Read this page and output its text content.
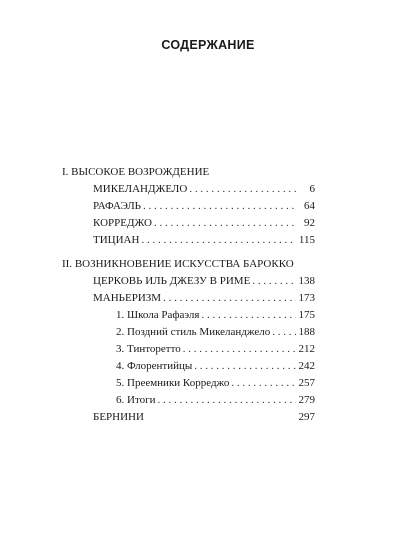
СОДЕРЖАНИЕ
I. ВЫСОКОЕ ВОЗРОЖДЕНИЕ
МИКЕЛАНДЖЕЛО . . .	6
РАФАЭЛЬ . . .	64
КОРРЕДЖО . . .	92
ТИЦИАН . . .	115
II. ВОЗНИКНОВЕНИЕ ИСКУССТВА БАРОККО
ЦЕРКОВЬ ИЛЬ ДЖЕЗУ В РИМЕ . . .	138
МАНЬЕРИЗМ . . .	173
1. Школа Рафаэля . . .	175
2. Поздний стиль Микеланджело . . .	188
3. Тинторетто . . .	212
4. Флорентийцы . . .	242
5. Преемники Корреджо . . .	257
6. Итоги . . .	279
БЕРНИНИ	297
